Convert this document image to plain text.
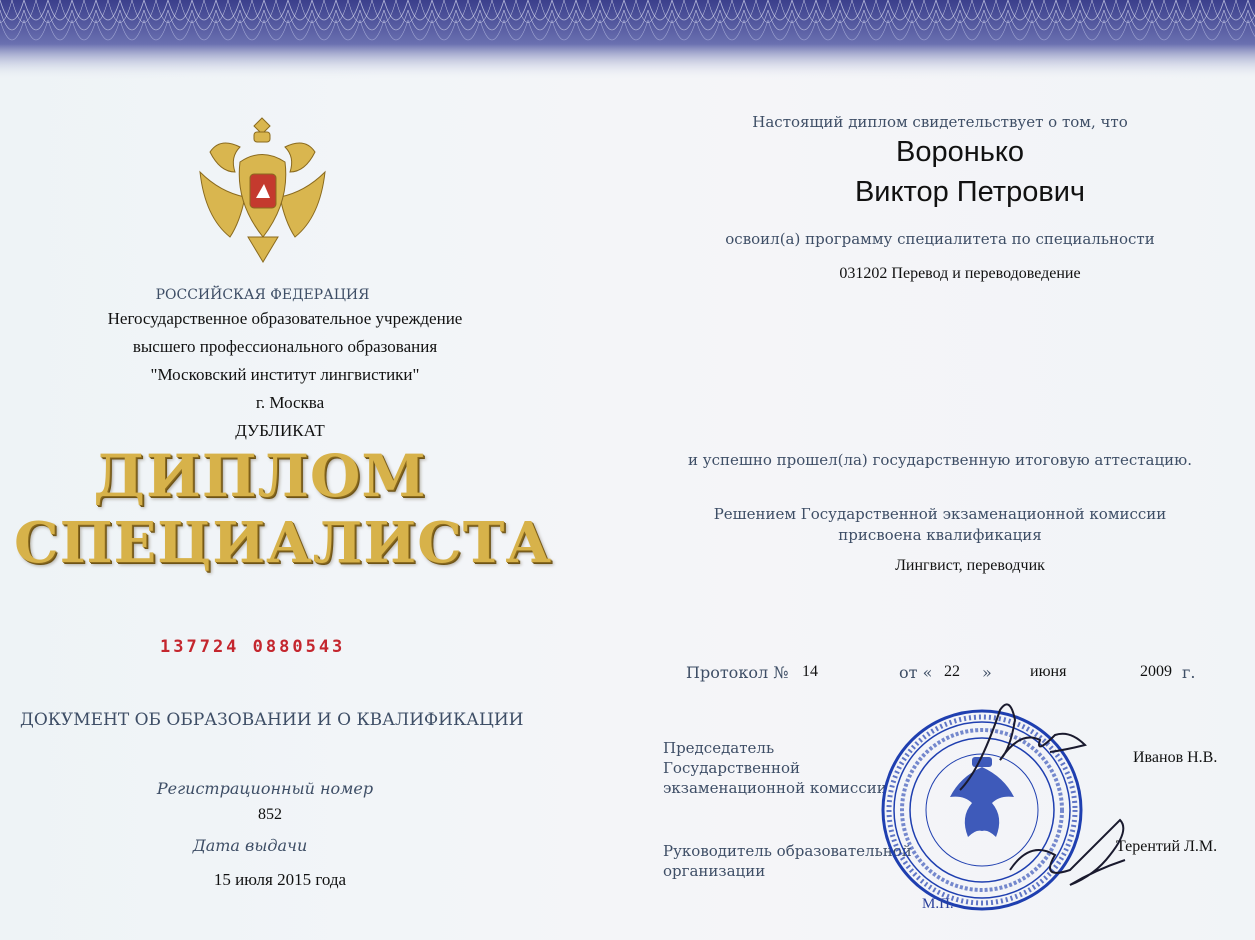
РОССИЙСКАЯ ФЕДЕРАЦИЯ
Негосударственное образовательное учреждение
высшего профессионального образования
"Московский институт лингвистики"
г. Москва
ДУБЛИКАТ
ДИПЛОМ
СПЕЦИАЛИСТА
137724 0880543
ДОКУМЕНТ ОБ ОБРАЗОВАНИИ И О КВАЛИФИКАЦИИ
Регистрационный номер
852
Дата выдачи
15 июля 2015 года
Настоящий диплом свидетельствует о том, что
Воронько
Виктор Петрович
освоил(а) программу специалитета по специальности
031202 Перевод и переводоведение
и успешно прошел(ла) государственную итоговую аттестацию.
Решением Государственной экзаменационной комиссии
присвоена квалификация
Лингвист, переводчик
Протокол № 14	от « 22 » июня	2009 г.
Председатель
Государственной
экзаменационной комиссии
Иванов Н.В.
Руководитель образовательной
организации
Терентий Л.М.
М.П.
